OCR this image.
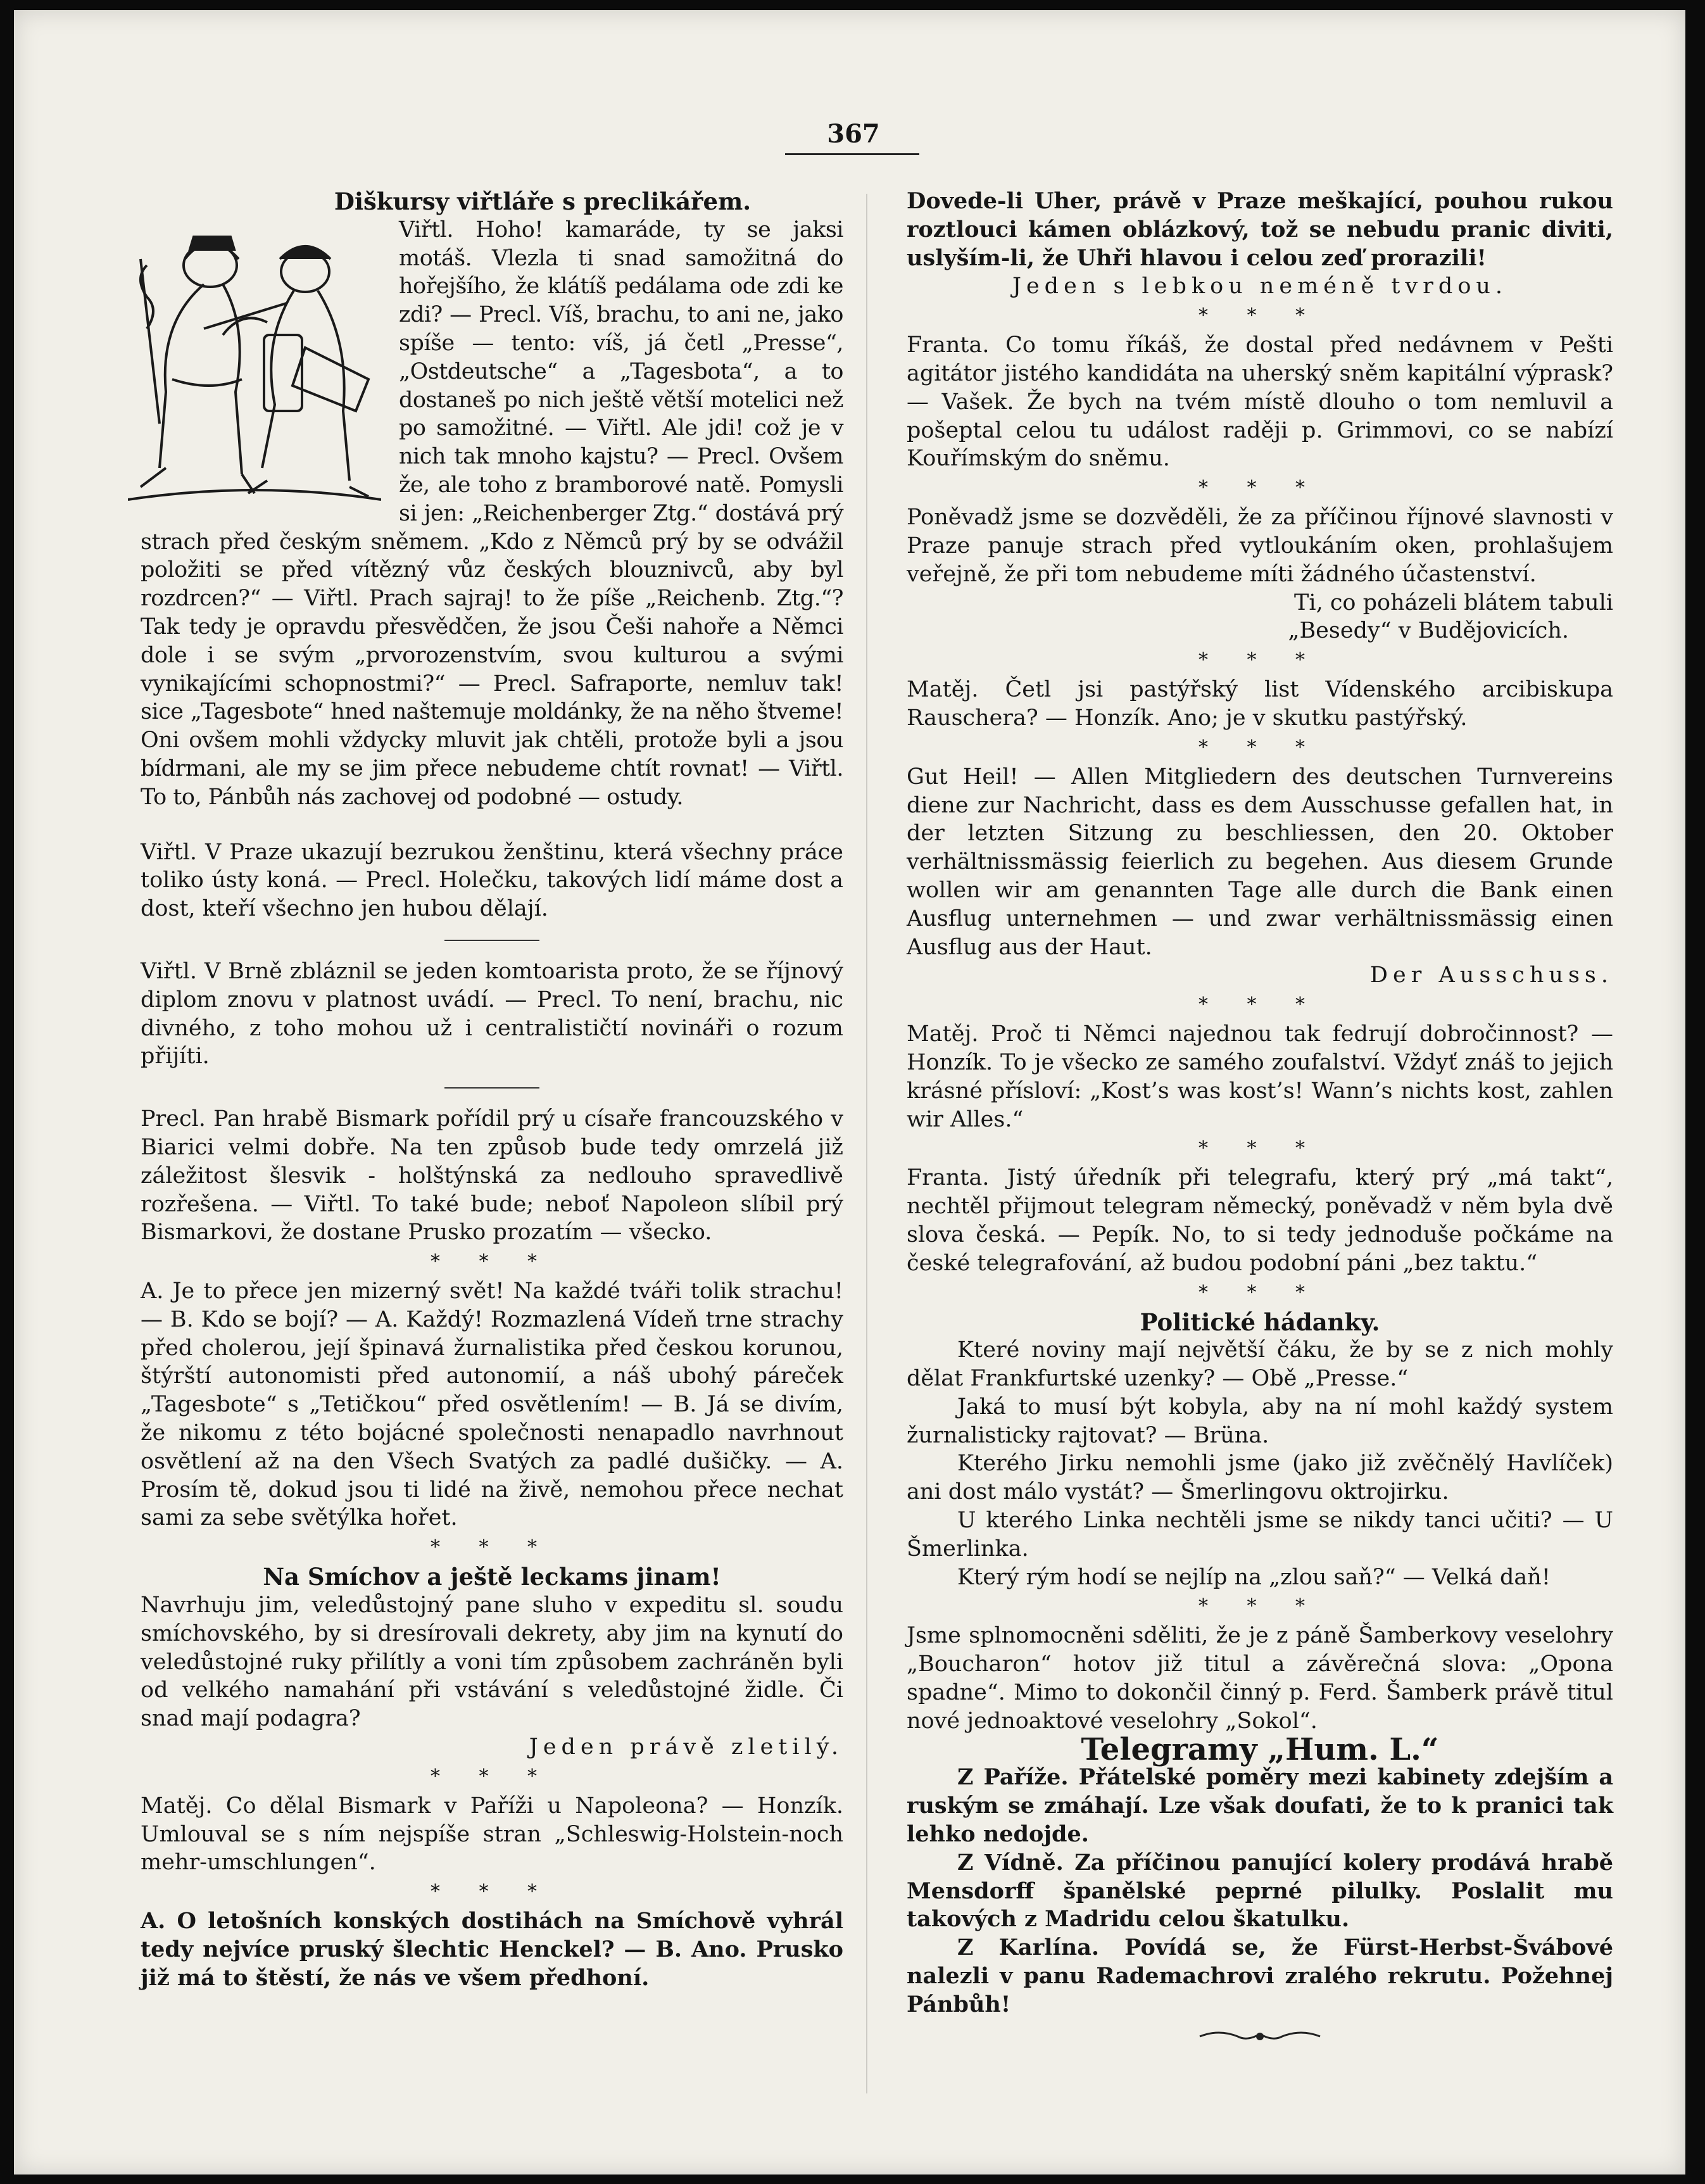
367

Diškursy viřtláře s preclikářem.

Viřtl. Hoho! kamaráde, ty se jaksi motáš. Vlezla ti snad samožitná do hořejšího, že klátíš pedálama ode zdi ke zdi? — Precl. Víš, brachu, to ani ne, jako spíše — tento: víš, já četl „Presse“, „Ostdeutsche“ a „Tagesbota“, a to dostaneš po nich ještě větší motelici než po samožitné. — Viřtl. Ale jdi! což je v nich tak mnoho kajstu? — Precl. Ovšem že, ale toho z bramborové natě. Pomysli si jen: „Reichenberger Ztg.“ dostává prý strach před českým sněmem. „Kdo z Němců prý by se odvážil položiti se před vítězný vůz českých blouznivců, aby byl rozdrcen?“ — Viřtl. Prach sajraj! to že píše „Reichenb. Ztg.“? Tak tedy je opravdu přesvědčen, že jsou Češi nahoře a Němci dole i se svým „prvorozenstvím, svou kulturou a svými vynikajícími schopnostmi?“ — Precl. Safraporte, nemluv tak! sice „Tagesbote“ hned naštemuje moldánky, že na něho štveme! Oni ovšem mohli vždycky mluvit jak chtěli, protože byli a jsou bídrmani, ale my se jim přece nebudeme chtít rovnat! — Viřtl. To to, Pánbůh nás zachovej od podobné — ostudy.

Viřtl. V Praze ukazují bezrukou ženštinu, která všechny práce toliko ústy koná. — Precl. Holečku, takových lidí máme dost a dost, kteří všechno jen hubou dělají.

Viřtl. V Brně zbláznil se jeden komtoarista proto, že se říjnový diplom znovu v platnost uvádí. — Precl. To není, brachu, nic divného, z toho mohou už i centralističtí novináři o rozum přijíti.

Precl. Pan hrabě Bismark pořídil prý u císaře francouzského v Biarici velmi dobře. Na ten způsob bude tedy omrzelá již záležitost šlesvik - holštýnská za nedlouho spravedlivě rozřešena. — Viřtl. To také bude; neboť Napoleon slíbil prý Bismarkovi, že dostane Prusko prozatím — všecko.

* * *

A. Je to přece jen mizerný svět! Na každé tváři tolik strachu! — B. Kdo se bojí? — A. Každý! Rozmazlená Vídeň trne strachy před cholerou, její špinavá žurnalistika před českou korunou, štýrští autonomisti před autonomií, a náš ubohý páreček „Tagesbote“ s „Tetičkou“ před osvětlením! — B. Já se divím, že nikomu z této bojácné společnosti nenapadlo navrhnout osvětlení až na den Všech Svatých za padlé dušičky. — A. Prosím tě, dokud jsou ti lidé na živě, nemohou přece nechat sami za sebe světýlka hořet.

* * *

Na Smíchov a ještě leckams jinam!

Navrhuju jim, veledůstojný pane sluho v expeditu sl. soudu smíchovského, by si dresírovali dekrety, aby jim na kynutí do veledůstojné ruky přilítly a voni tím způsobem zachráněn byli od velkého namahání při vstávání s veledůstojné židle. Či snad mají podagra?

Jeden právě zletilý.

* * *

Matěj. Co dělal Bismark v Paříži u Napoleona? — Honzík. Umlouval se s ním nejspíše stran „Schleswig-Holstein-noch mehr-umschlungen“.

* * *

A. O letošních konských dostihách na Smíchově vyhrál tedy nejvíce pruský šlechtic Henckel? — B. Ano. Prusko již má to štěstí, že nás ve všem předhoní.

Dovede-li Uher, právě v Praze meškající, pouhou rukou roztlouci kámen oblázkový, tož se nebudu pranic diviti, uslyším-li, že Uhři hlavou i celou zeď prorazili!

Jeden s lebkou neméně tvrdou.

* * *

Franta. Co tomu říkáš, že dostal před nedávnem v Pešti agitátor jistého kandidáta na uherský sněm kapitální výprask? — Vašek. Že bych na tvém místě dlouho o tom nemluvil a pošeptal celou tu událost raději p. Grimmovi, co se nabízí Kouřímským do sněmu.

* * *

Poněvadž jsme se dozvěděli, že za příčinou říjnové slavnosti v Praze panuje strach před vytloukáním oken, prohlašujem veřejně, že při tom nebudeme míti žádného účastenství.

Ti, co poházeli blátem tabuli

„Besedy“ v Budějovicích.

* * *

Matěj. Četl jsi pastýřský list Vídenského arcibiskupa Rauschera? — Honzík. Ano; je v skutku pastýřský.

* * *

Gut Heil! — Allen Mitgliedern des deutschen Turnvereins diene zur Nachricht, dass es dem Ausschusse gefallen hat, in der letzten Sitzung zu beschliessen, den 20. Oktober verhältnissmässig feierlich zu begehen. Aus diesem Grunde wollen wir am genannten Tage alle durch die Bank einen Ausflug unternehmen — und zwar verhältnissmässig einen Ausflug aus der Haut.

Der Ausschuss.

* * *

Matěj. Proč ti Němci najednou tak fedrují dobročinnost? — Honzík. To je všecko ze samého zoufalství. Vždyť znáš to jejich krásné přísloví: „Kost’s was kost’s! Wann’s nichts kost, zahlen wir Alles.“

* * *

Franta. Jistý úředník při telegrafu, který prý „má takt“, nechtěl přijmout telegram německý, poněvadž v něm byla dvě slova česká. — Pepík. No, to si tedy jednoduše počkáme na české telegrafování, až budou podobní páni „bez taktu.“

* * *

Politické hádanky.

Které noviny mají největší čáku, že by se z nich mohly dělat Frankfurtské uzenky? — Obě „Presse.“

Jaká to musí být kobyla, aby na ní mohl každý system žurnalisticky rajtovat? — Brüna.

Kterého Jirku nemohli jsme (jako již zvěčnělý Havlíček) ani dost málo vystát? — Šmerlingovu oktrojirku.

U kterého Linka nechtěli jsme se nikdy tanci učiti? — U Šmerlinka.

Který rým hodí se nejlíp na „zlou saň?“ — Velká daň!

* * *

Jsme splnomocněni sděliti, že je z páně Šamberkovy veselohry „Boucharon“ hotov již titul a závěrečná slova: „Opona spadne“. Mimo to dokončil činný p. Ferd. Šamberk právě titul nové jednoaktové veselohry „Sokol“.

Telegramy „Hum. L.“

Z Paříže. Přátelské poměry mezi kabinety zdejším a ruským se zmáhají. Lze však doufati, že to k pranici tak lehko nedojde.

Z Vídně. Za příčinou panující kolery prodává hrabě Mensdorff španělské peprné pilulky. Poslalit mu takových z Madridu celou škatulku.

Z Karlína. Povídá se, že Fürst-Herbst-Švábové nalezli v panu Rademachrovi zralého rekrutu. Požehnej Pánbůh!
